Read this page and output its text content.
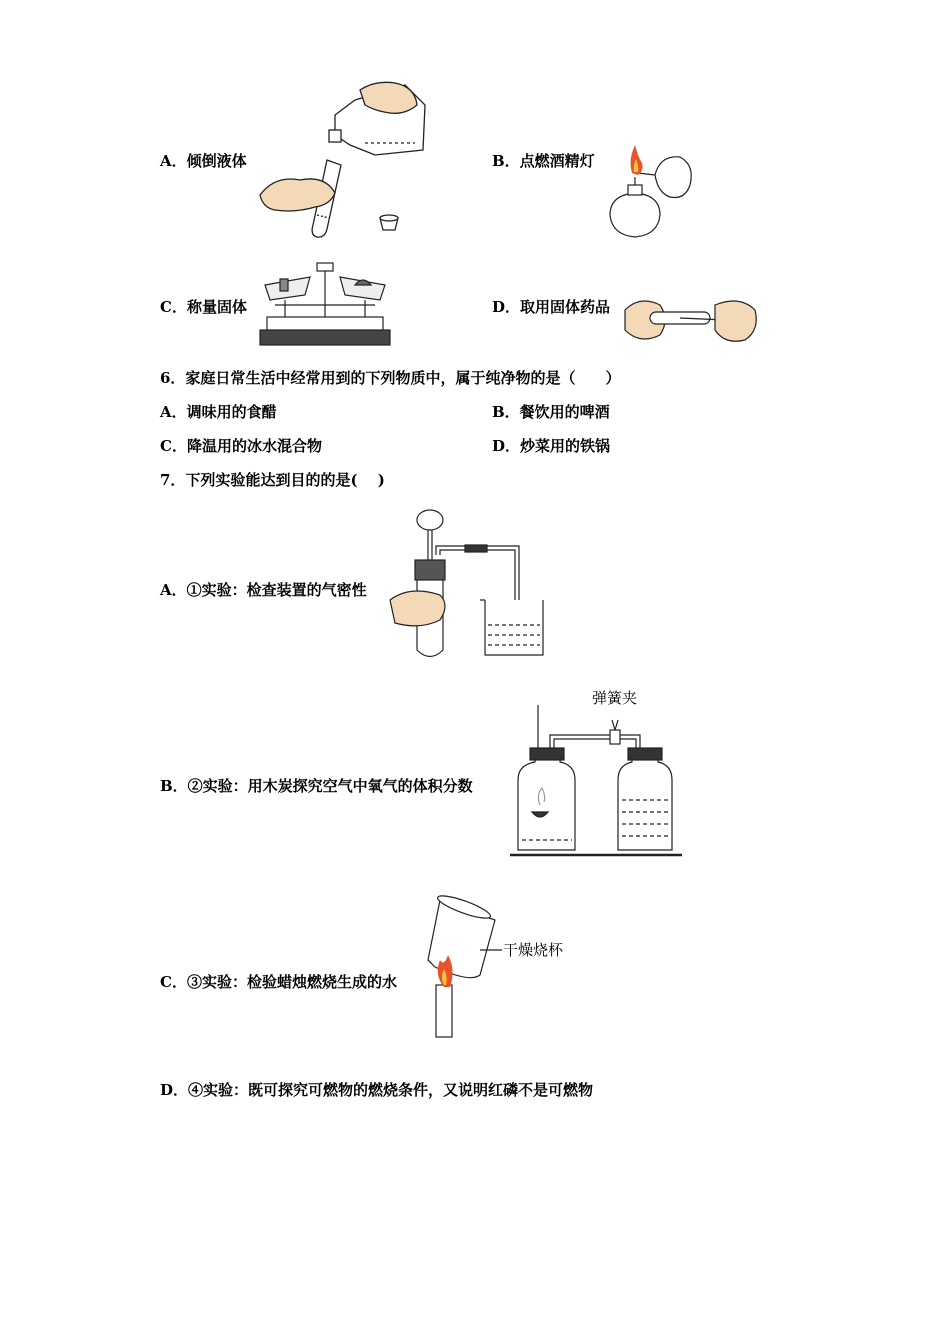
A．倾倒液体	B．点燃酒精灯
C．称量固体	D．取用固体药品
6．家庭日常生活中经常用到的下列物质中，属于纯净物的是（　　）
A．调味用的食醋	B．餐饮用的啤酒
C．降温用的冰水混合物	D．炒菜用的铁锅
7．下列实验能达到目的的是(　 )
A．①实验：检查装置的气密性
B．②实验：用木炭探究空气中氧气的体积分数
弹簧夹
C．③实验：检验蜡烛燃烧生成的水
干燥烧杯
D．④实验：既可探究可燃物的燃烧条件，又说明红磷不是可燃物
